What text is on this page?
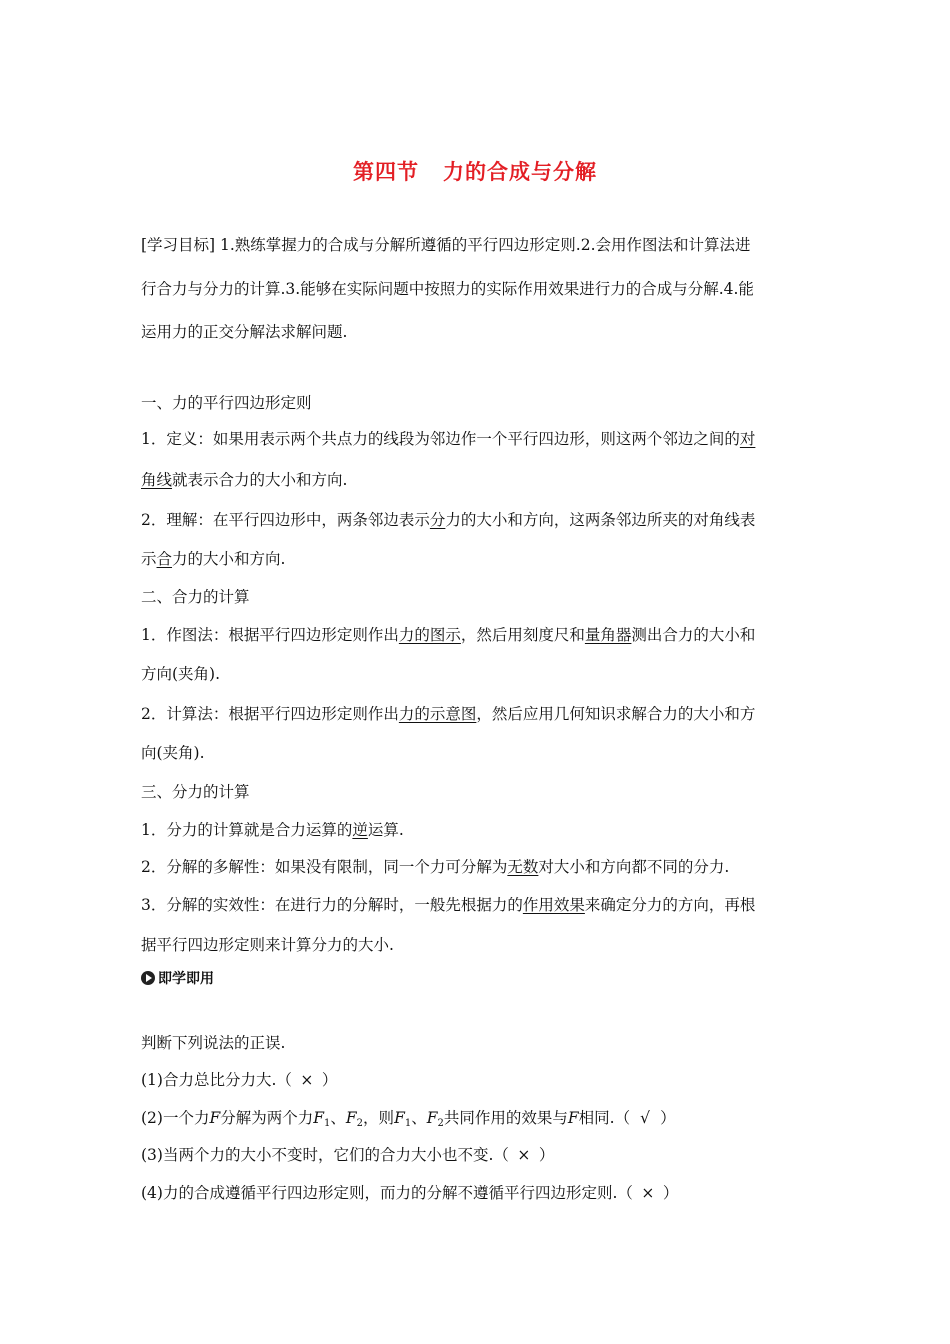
第四节 力的合成与分解
[学习目标] 1.熟练掌握力的合成与分解所遵循的平行四边形定则.2.会用作图法和计算法进
行合力与分力的计算.3.能够在实际问题中按照力的实际作用效果进行力的合成与分解.4.能
运用力的正交分解法求解问题.
一、力的平行四边形定则
1．定义：如果用表示两个共点力的线段为邻边作一个平行四边形，则这两个邻边之间的对
角线就表示合力的大小和方向.
2．理解：在平行四边形中，两条邻边表示分力的大小和方向，这两条邻边所夹的对角线表
示合力的大小和方向.
二、合力的计算
1．作图法：根据平行四边形定则作出力的图示，然后用刻度尺和量角器测出合力的大小和
方向(夹角).
2．计算法：根据平行四边形定则作出力的示意图，然后应用几何知识求解合力的大小和方
向(夹角).
三、分力的计算
1．分力的计算就是合力运算的逆运算.
2．分解的多解性：如果没有限制，同一个力可分解为无数对大小和方向都不同的分力.
3．分解的实效性：在进行力的分解时，一般先根据力的作用效果来确定分力的方向，再根
据平行四边形定则来计算分力的大小.
即学即用
判断下列说法的正误.
(1)合力总比分力大.（ × ）
(2)一个力F分解为两个力$F_1$、$F_2$，则$F_1$、$F_2$共同作用的效果与F相同.（ √ ）
(3)当两个力的大小不变时，它们的合力大小也不变.（ × ）
(4)力的合成遵循平行四边形定则，而力的分解不遵循平行四边形定则.（ × ）
